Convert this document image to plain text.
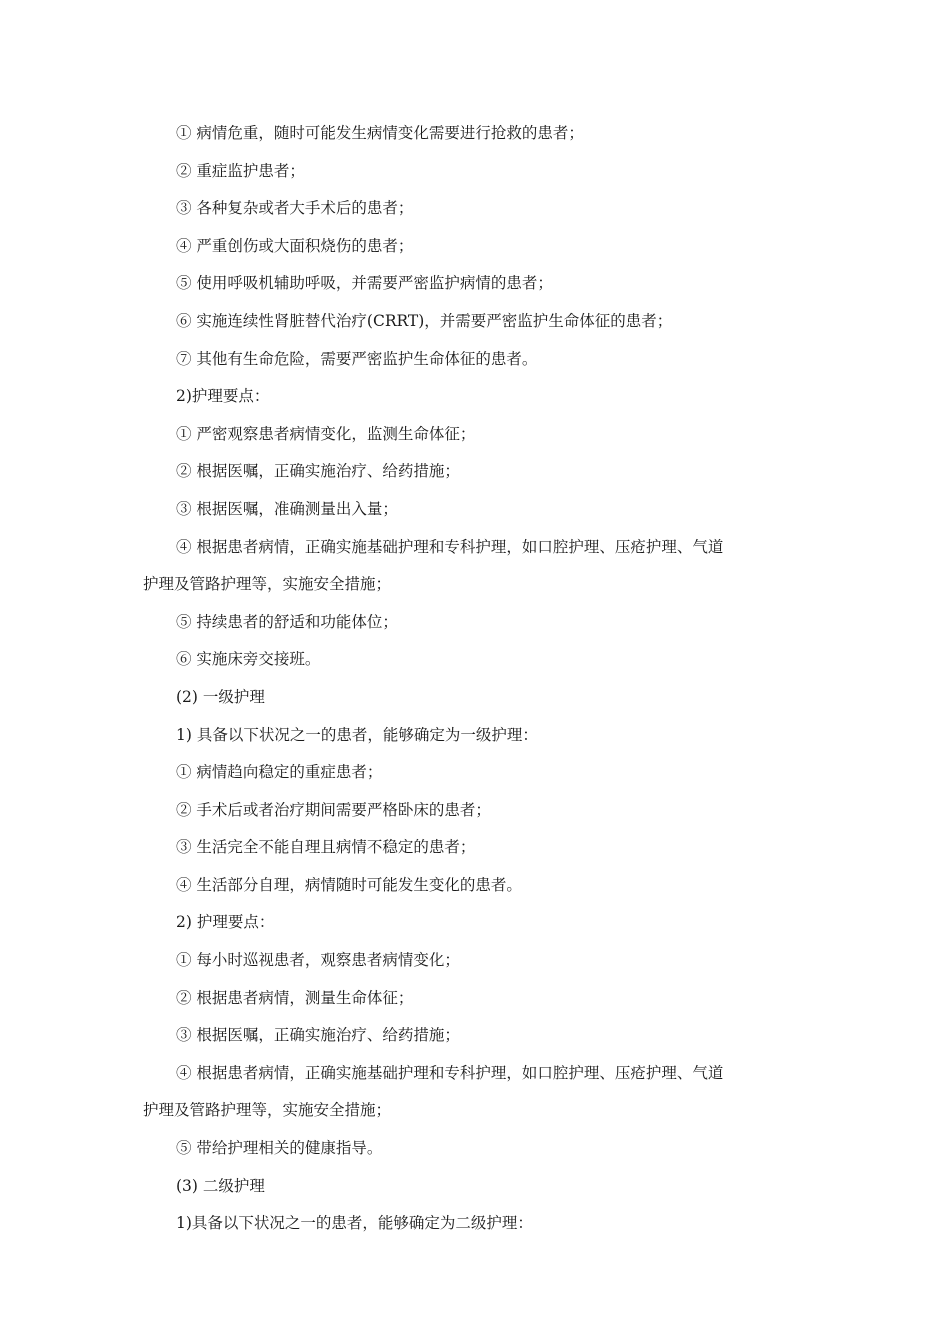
① 病情危重，随时可能发生病情变化需要进行抢救的患者；
② 重症监护患者；
③ 各种复杂或者大手术后的患者；
④ 严重创伤或大面积烧伤的患者；
⑤ 使用呼吸机辅助呼吸，并需要严密监护病情的患者；
⑥ 实施连续性肾脏替代治疗(CRRT)，并需要严密监护生命体征的患者；
⑦ 其他有生命危险，需要严密监护生命体征的患者。
2)护理要点：
① 严密观察患者病情变化，监测生命体征；
② 根据医嘱，正确实施治疗、给药措施；
③ 根据医嘱，准确测量出入量；
④ 根据患者病情，正确实施基础护理和专科护理，如口腔护理、压疮护理、气道
护理及管路护理等，实施安全措施；
⑤ 持续患者的舒适和功能体位；
⑥ 实施床旁交接班。
(2) 一级护理
1) 具备以下状况之一的患者，能够确定为一级护理：
① 病情趋向稳定的重症患者；
② 手术后或者治疗期间需要严格卧床的患者；
③ 生活完全不能自理且病情不稳定的患者；
④ 生活部分自理，病情随时可能发生变化的患者。
2) 护理要点：
① 每小时巡视患者，观察患者病情变化；
② 根据患者病情，测量生命体征；
③ 根据医嘱，正确实施治疗、给药措施；
④ 根据患者病情，正确实施基础护理和专科护理，如口腔护理、压疮护理、气道
护理及管路护理等，实施安全措施；
⑤ 带给护理相关的健康指导。
(3) 二级护理
1)具备以下状况之一的患者，能够确定为二级护理：
